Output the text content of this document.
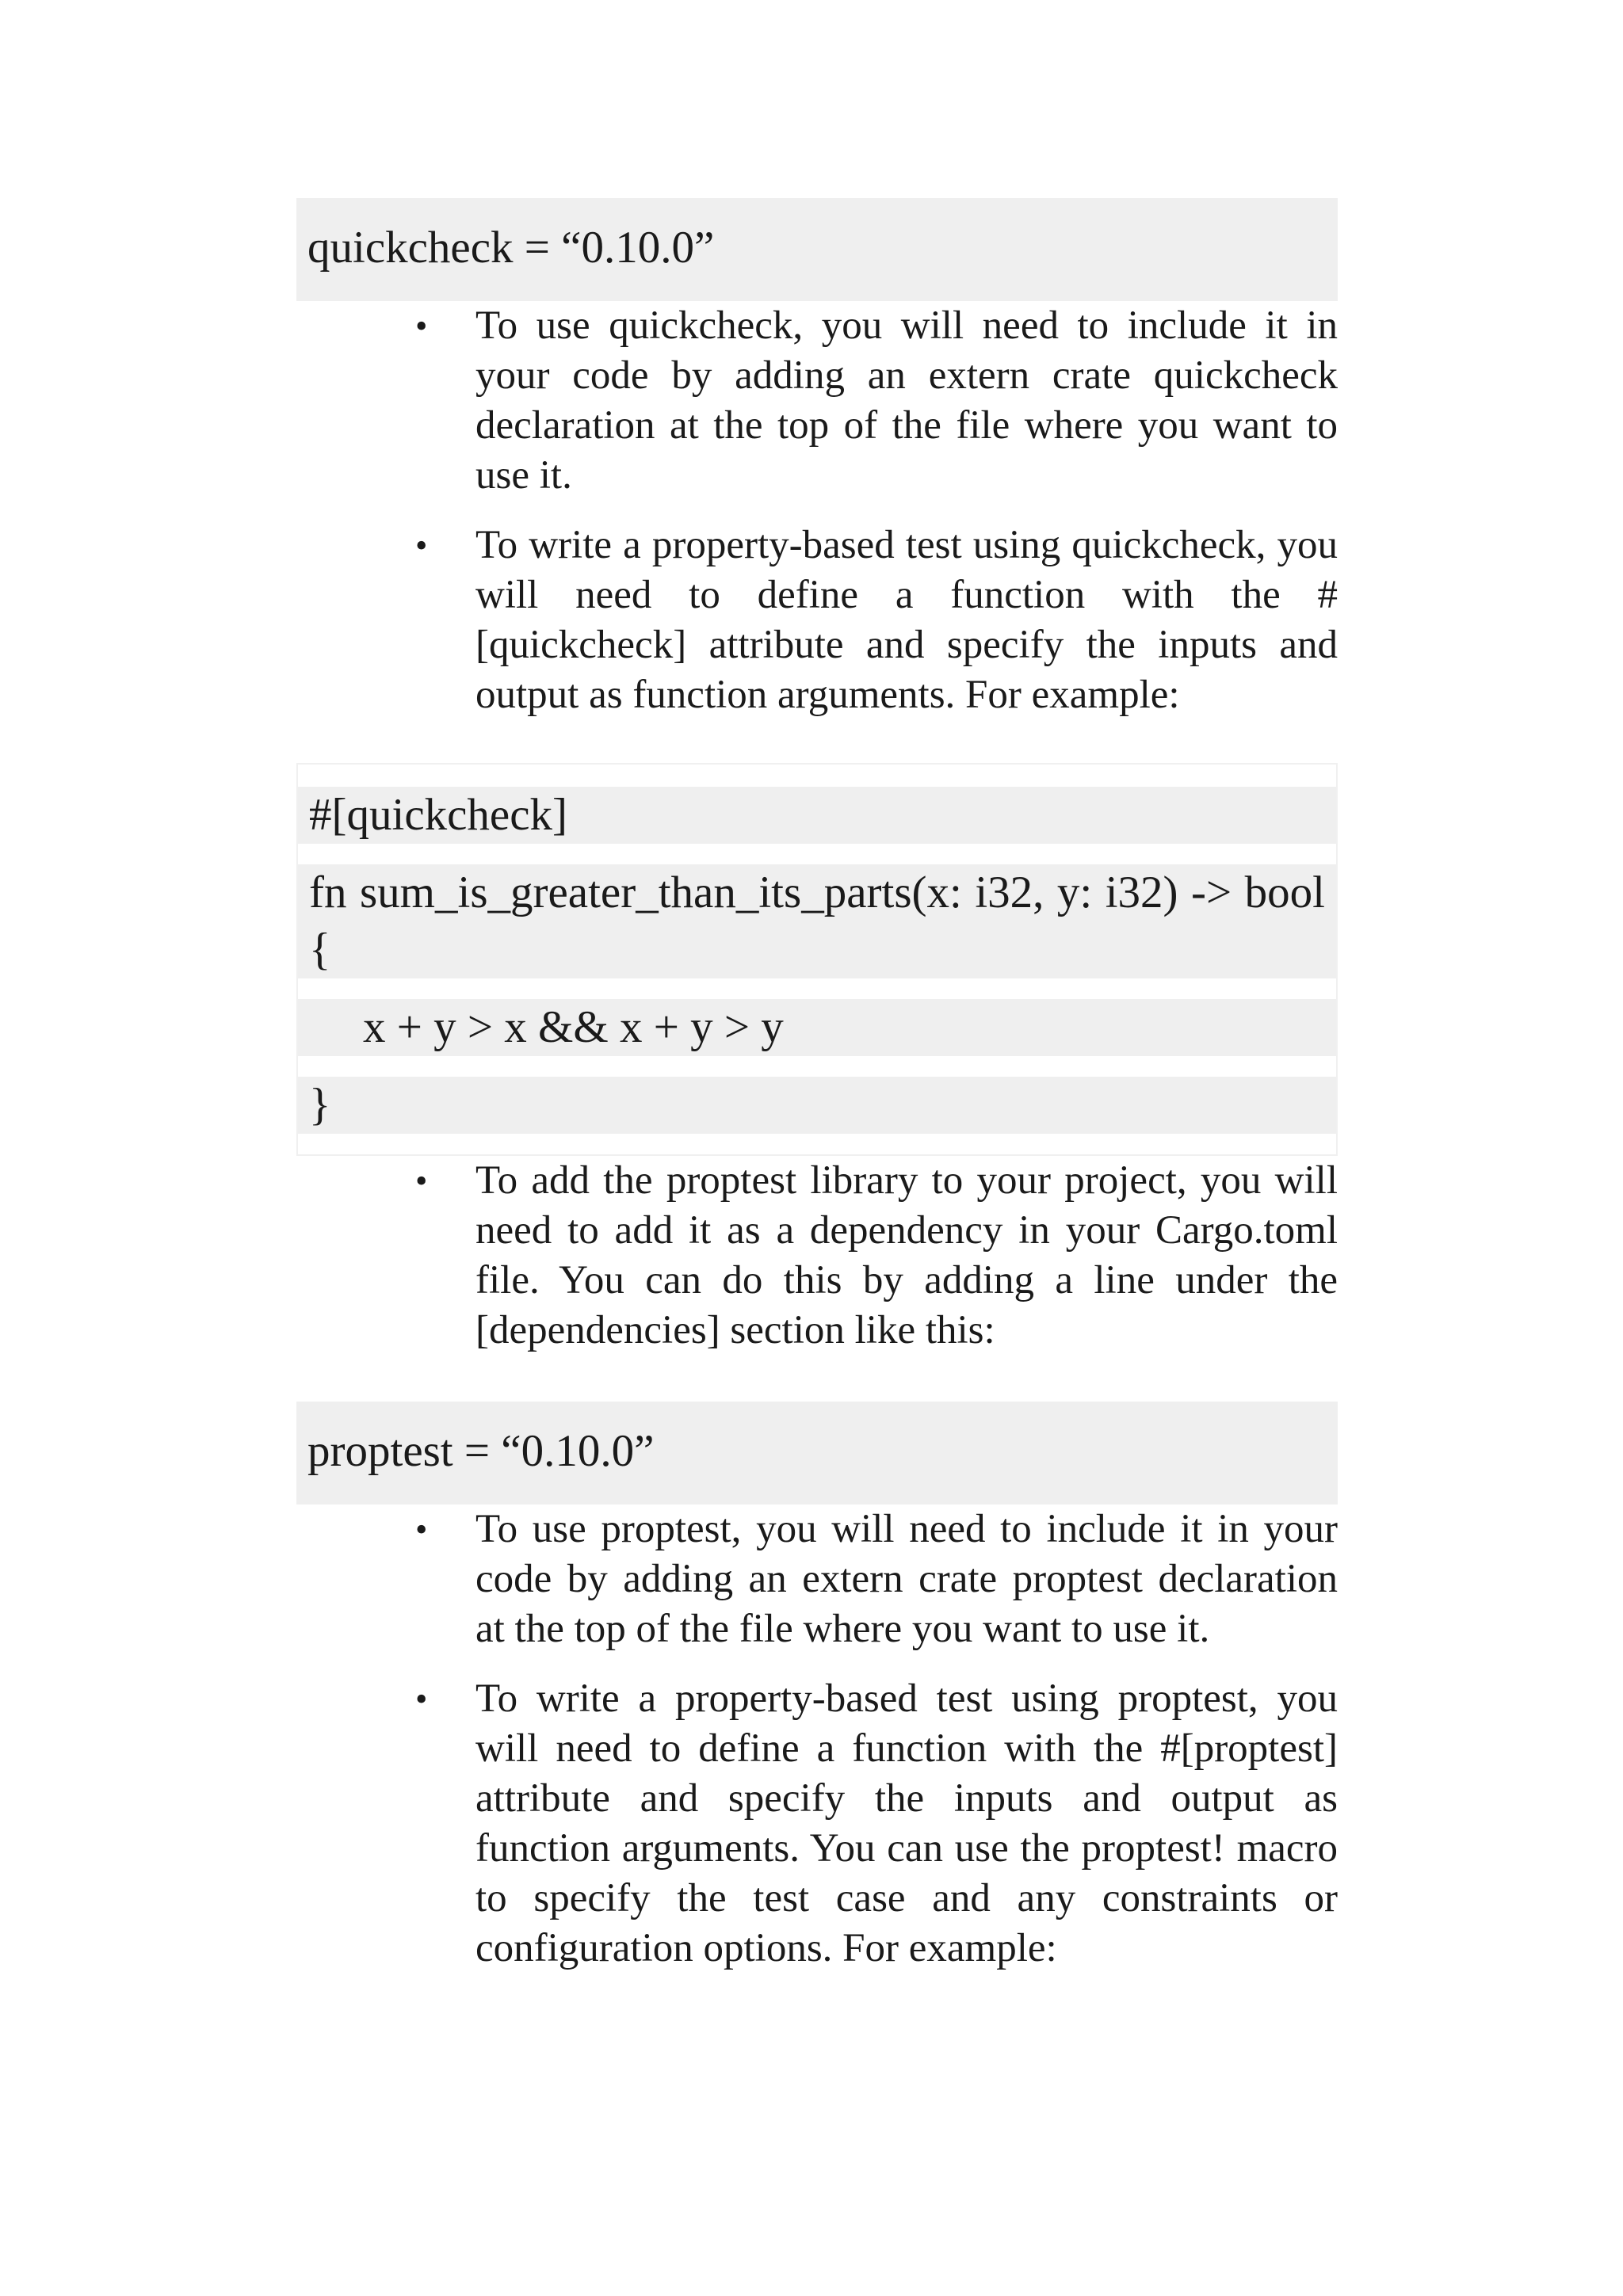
quickcheck = “0.10.0”
• To use quickcheck, you will need to include it in your code by adding an extern crate quickcheck declaration at the top of the file where you want to use it.
• To write a property-based test using quickcheck, you will need to define a function with the # [quickcheck] attribute and specify the inputs and output as function arguments. For example:
#[quickcheck]
fn sum_is_greater_than_its_parts(x: i32, y: i32) -> bool {
x + y > x && x + y > y
}
• To add the proptest library to your project, you will need to add it as a dependency in your Cargo.toml file. You can do this by adding a line under the [dependencies] section like this:
proptest = “0.10.0”
• To use proptest, you will need to include it in your code by adding an extern crate proptest declaration at the top of the file where you want to use it.
• To write a property-based test using proptest, you will need to define a function with the #[proptest] attribute and specify the inputs and output as function arguments. You can use the proptest! macro to specify the test case and any constraints or configuration options. For example:
